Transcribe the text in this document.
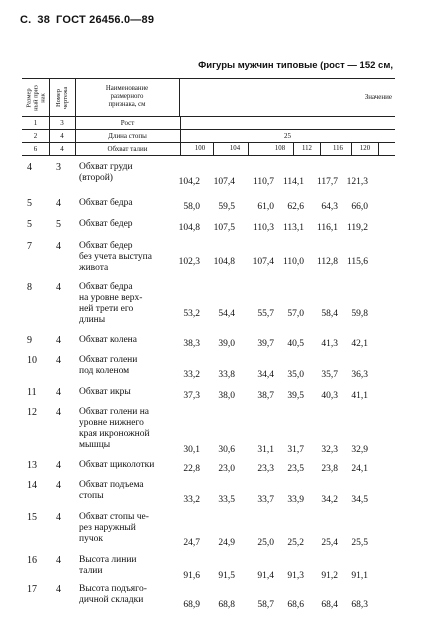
С. 38 ГОСТ 26456.0—89
Фигуры мужчин типовые (рост — 152 см,
Размер
ный приз
нак Номер
чертежа	Наименование
размерного
признака, см
Значение
1	3	Рост
2	4	Длина стопы	25
6	4	Обхват талии	100	104	108	112	116	120
4 3 Обхват груди
(второй)	104,2	107,4	110,7 114,1	117,7 121,3
5 4 Обхват бедра	58,0	59,5	61,0	62,6	64,3	66,0
5 5 Обхват бедер	104,8	107,5	110,3 113,1	116,1 119,2
7 4 Обхват бедер
без учета выступа
живота
102,3	104,8	107,4 110,0	112,8 115,6
8 4 Обхват бедра
на уровне верх-
ней трети его
длины
53,2	54,4	55,7	57,0	58,4	59,8
9 4 Обхват колена	38,3	39,0	39,7	40,5	41,3	42,1
10 4 Обхват голени
под коленом	33,2	33,8	34,4	35,0	35,7	36,3
11 4 Обхват икры	37,3	38,0	38,7	39,5	40,3	41,1
12 4 Обхват голени на
уровне нижнего
края икроножной
мышцы	30,1	30,6	31,1	31,7	32,3	32,9
13 4 Обхват щиколотки	22,8	23,0	23,3	23,5	23,8	24,1
14 4 Обхват подъема
стопы	33,2	33,5	33,7	33,9	34,2	34,5
15 4 Обхват стопы че-
рез наружный
пучок	24,7	24,9	25,0	25,2	25,4	25,5
16 4 Высота линии
талии	91,6	91,5	91,4	91,3	91,2	91,1
17 4 Высота подъягo-
дичной складки	68,9	68,8	58,7	68,6	68,4	68,3
